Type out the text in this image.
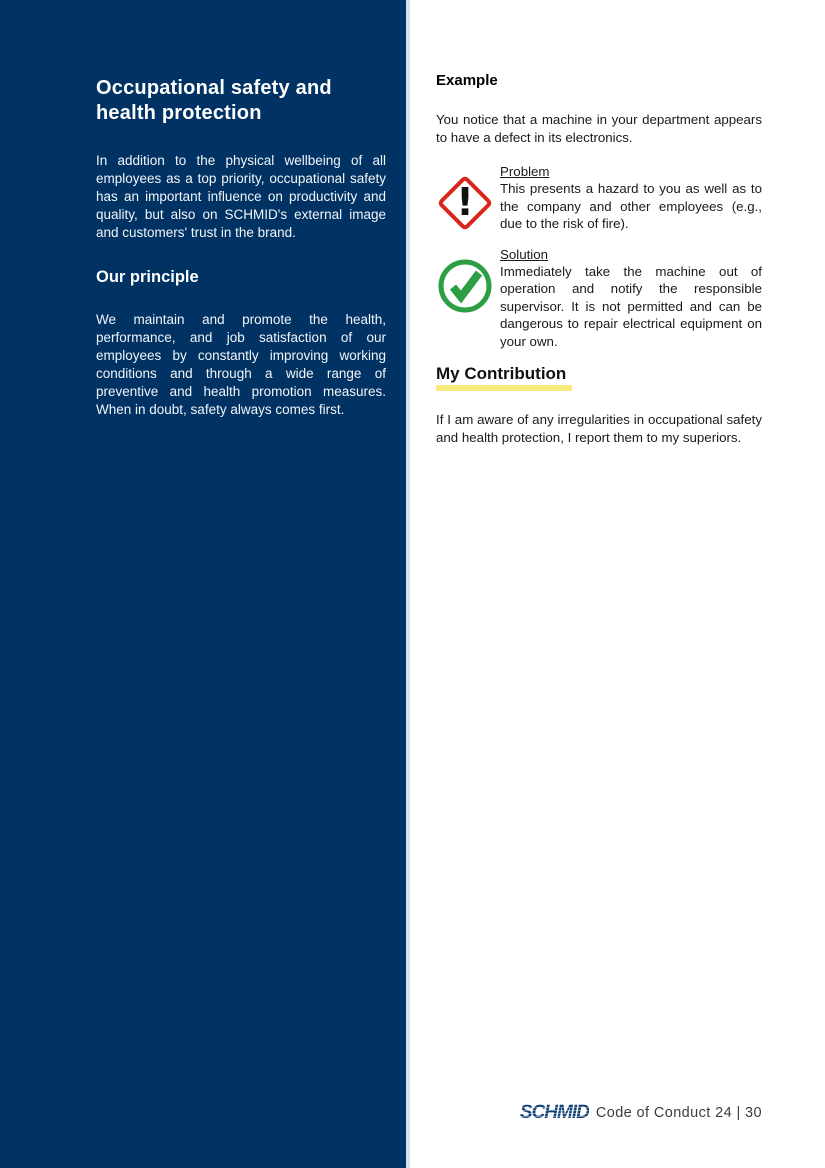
Occupational safety and health protection

In addition to the physical wellbeing of all employees as a top priority, occupational safety has an important influence on productivity and quality, but also on SCHMID's external image and customers' trust in the brand.

Our principle

We maintain and promote the health, performance, and job satisfaction of our employees by constantly improving working conditions and through a wide range of preventive and health promotion measures. When in doubt, safety always comes first.

Example

You notice that a machine in your department appears to have a defect in its electronics.

!

Problem

This presents a hazard to you as well as to the company and other employees (e.g., due to the risk of fire).

Solution

Immediately take the machine out of operation and notify the responsible supervisor. It is not permitted and can be dangerous to repair electrical equipment on your own.

My Contribution

If I am aware of any irregularities in occupational safety and health protection, I report them to my superiors.

SCHMID Code of Conduct 24 | 30
